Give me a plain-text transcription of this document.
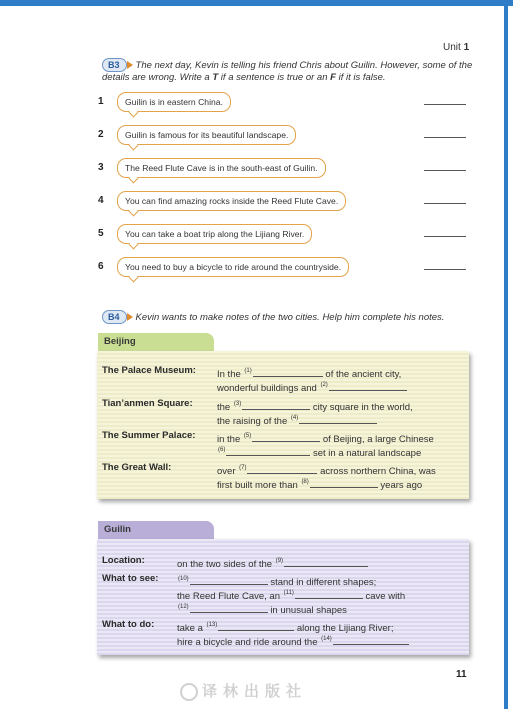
Unit 1
B3 The next day, Kevin is telling his friend Chris about Guilin. However, some of the details are wrong. Write a T if a sentence is true or an F if it is false.
1	Guilin is in eastern China.
2	Guilin is famous for its beautiful landscape.
3	The Reed Flute Cave is in the south-east of Guilin.
4	You can find amazing rocks inside the Reed Flute Cave.
5	You can take a boat trip along the Lijiang River.
6	You need to buy a bicycle to ride around the countryside.
B4 Kevin wants to make notes of the two cities. Help him complete his notes.
Beijing
The Palace Museum: In the $^{(1)}$	of the ancient city,
wonderful buildings and $^{(2)}$
Tian’anmen Square:	the $^{(3)}$	city square in the world,
the raising of the $^{(4)}$
The Summer Palace: in the $^{(5)}$	of Beijing, a large Chinese
$^{(6)}$	set in a natural landscape
The Great Wall:	over $^{(7)}$	across northern China, was
first built more than $^{(8)}$	years ago
Guilin
Location:	on the two sides of the $^{(9)}$
What to see:	$^{(10)}$	stand in different shapes;
the Reed Flute Cave, an $^{(11)}$	cave with
$^{(12)}$	in unusual shapes
What to do: take a $^{(13)}$	along the Lijiang River;
hire a bicycle and ride around the $^{(14)}$
11
译林出版社
